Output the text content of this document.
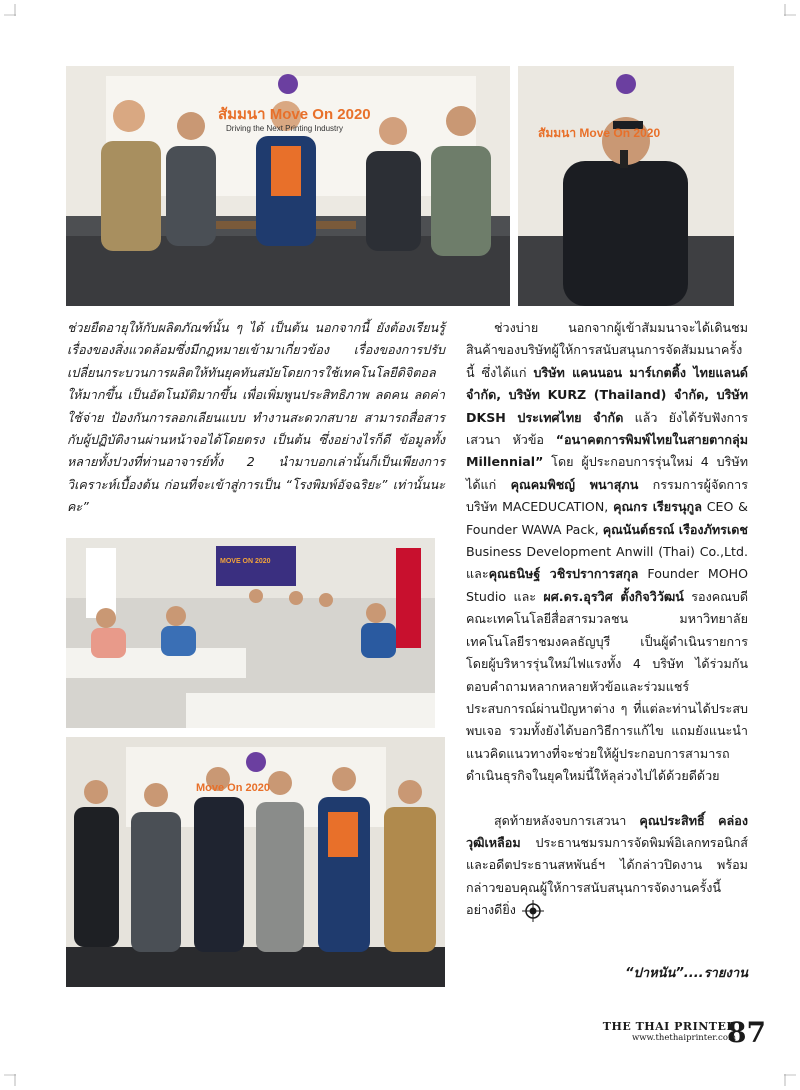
สัมมนา Move On 2020
Driving the Next Printing Industry	สัมมนา Move On 2020

ช่วยยืดอายุให้กับผลิตภัณฑ์นั้น ๆ ได้ เป็นต้น นอกจากนี้ ยังต้องเรียนรู้เรื่องของสิ่งแวดล้อมซึ่งมีกฎหมายเข้ามาเกี่ยวข้อง เรื่องของการปรับเปลี่ยนกระบวนการผลิตให้ทันยุคทันสมัยโดยการใช้เทคโนโลยีดิจิตอลให้มากขึ้น เป็นอัตโนมัติมากขึ้น เพื่อเพิ่มพูนประสิทธิภาพ ลดคน ลดค่าใช้จ่าย ป้องกันการลอกเลียนแบบ ทำงานสะดวกสบาย สามารถสื่อสารกับผู้ปฏิบัติงานผ่านหน้าจอได้โดยตรง เป็นต้น ซึ่งอย่างไรก็ดี ข้อมูลทั้งหลายทั้งปวงที่ท่านอาจารย์ทั้ง 2 นำมาบอกเล่านั้นก็เป็นเพียงการวิเคราะห์เบื้องต้น ก่อนที่จะเข้าสู่การเป็น “โรงพิมพ์อัจฉริยะ” เท่านั้นนะคะ”

MOVE ON 2020
Move On 2020

ช่วงบ่าย นอกจากผู้เข้าสัมมนาจะได้เดินชมสินค้าของบริษัทผู้ให้การสนับสนุนการจัดสัมมนาครั้งนี้ ซึ่งได้แก่ บริษัท แคนนอน มาร์เกตติ้ง ไทยแลนด์ จำกัด, บริษัท KURZ (Thailand) จำกัด, บริษัท DKSH ประเทศไทย จำกัด แล้ว ยังได้รับฟังการเสวนา หัวข้อ “อนาคตการพิมพ์ไทยในสายตากลุ่ม Millennial” โดย ผู้ประกอบการรุ่นใหม่ 4 บริษัท ได้แก่ คุณคมพิชญ์ พนาสุภน กรรมการผู้จัดการ บริษัท MACEDUCATION, คุณกร เรียรนุกูล CEO & Founder WAWA Pack, คุณนันต์ธรณ์ เรืองภัทรเดช Business Development Anwill (Thai) Co.,Ltd. และคุณธนิษฐ์ วชิรปราการสกุล Founder MOHO Studio และ ผศ.ดร.อุรวิศ ตั้งกิจวิวัฒน์ รองคณบดี คณะเทคโนโลยีสื่อสารมวลชน มหาวิทยาลัยเทคโนโลยีราชมงคลธัญบุรี เป็นผู้ดำเนินรายการ โดยผู้บริหารรุ่นใหม่ไฟแรงทั้ง 4 บริษัท ได้ร่วมกันตอบคำถามหลากหลายหัวข้อและร่วมแชร์ประสบการณ์ผ่านปัญหาต่าง ๆ ที่แต่ละท่านได้ประสบพบเจอ รวมทั้งยังได้บอกวิธีการแก้ไข แถมยังแนะนำแนวคิดแนวทางที่จะช่วยให้ผู้ประกอบการสามารถดำเนินธุรกิจในยุคใหม่นี้ให้ลุล่วงไปได้ด้วยดีด้วย

สุดท้ายหลังจบการเสวนา คุณประสิทธิ์ คล่องวุฒิเหลือม ประธานชมรมการจัดพิมพ์อิเลกทรอนิกส์ และอดีตประธานสหพันธ์ฯ ได้กล่าวปิดงาน พร้อมกล่าวขอบคุณผู้ให้การสนับสนุนการจัดงานครั้งนี้อย่างดียิ่ง

“ปาหนัน”....รายงาน
THE THAI PRINTER
www.thethaiprinter.com
87
